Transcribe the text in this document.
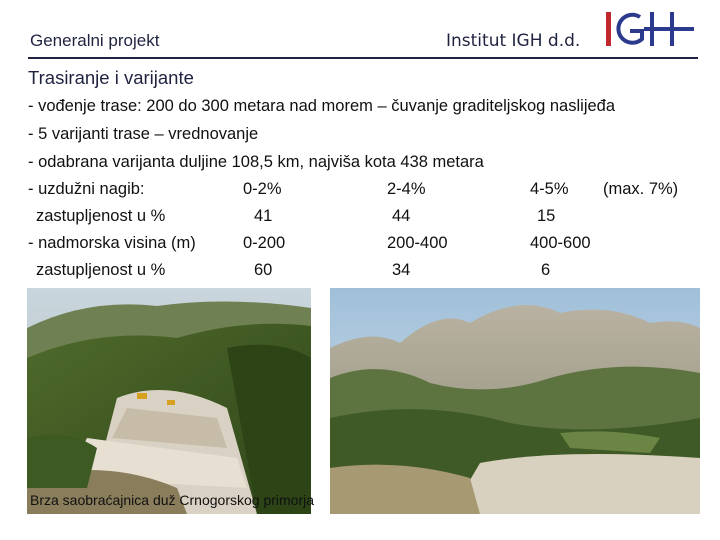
Generalni projekt	Institut IGH d.d.
Trasiranje i varijante
- vođenje trase: 200 do 300 metara nad morem – čuvanje graditeljskog naslijeđa
- 5 varijanti trase – vrednovanje
- odabrana varijanta duljine 108,5 km, najviša kota 438 metara
- uzdužni nagib:	0-2%	2-4%	4-5% (max. 7%)
zastupljenost u %	41	44	15
- nadmorska visina (m)	0-200	200-400	400-600
zastupljenost u %	60	34	6
Brza saobraćajnica duž Crnogorskog primorja
